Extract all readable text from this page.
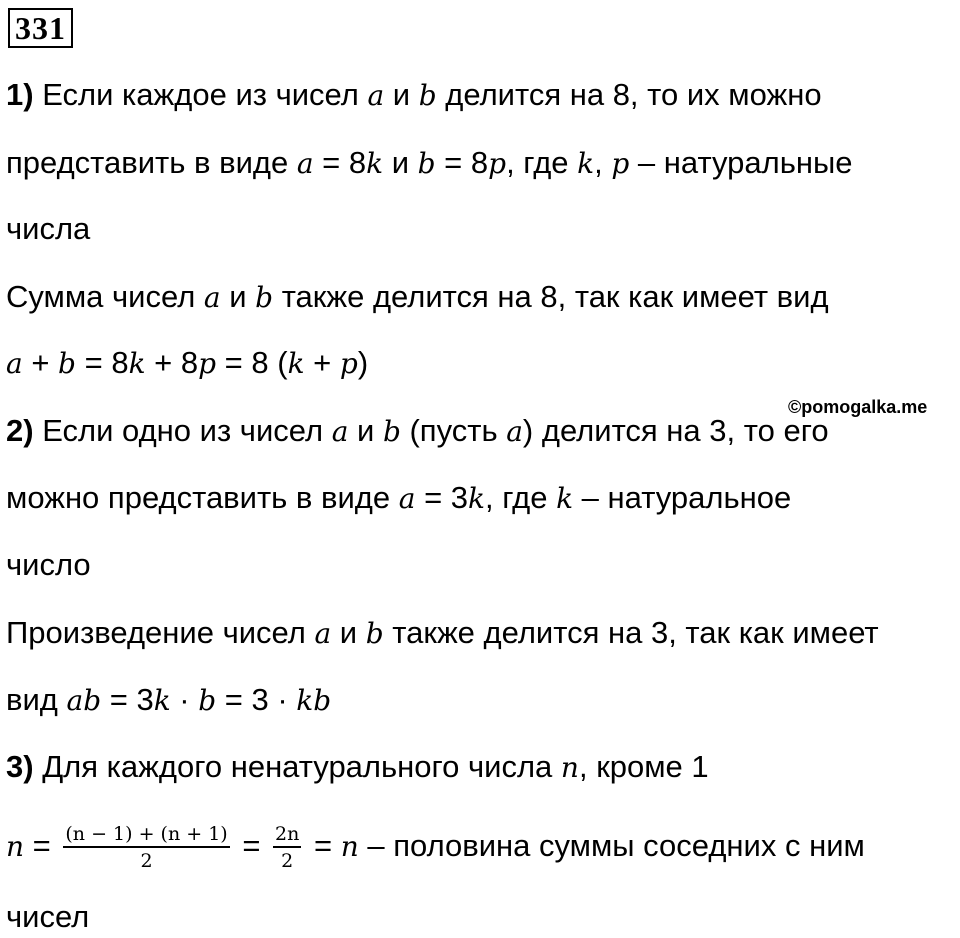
331
1) Если каждое из чисел a и b делится на 8, то их можно
представить в виде a = 8k и b = 8p, где k, p – натуральные
числа
Сумма чисел a и b также делится на 8, так как имеет вид
a + b = 8k + 8p = 8 (k + p)
©pomogalka.me
2) Если одно из чисел a и b (пусть a) делится на 3, то его
можно представить в виде a = 3k, где k – натуральное
число
Произведение чисел a и b также делится на 3, так как имеет
вид ab = 3k · b = 3 · kb
3) Для каждого ненатурального числа n, кроме 1
$n = \frac{(n - 1) + (n + 1)}{2} = \frac{2n}{2} = n$ – половина суммы соседних с ним
чисел
